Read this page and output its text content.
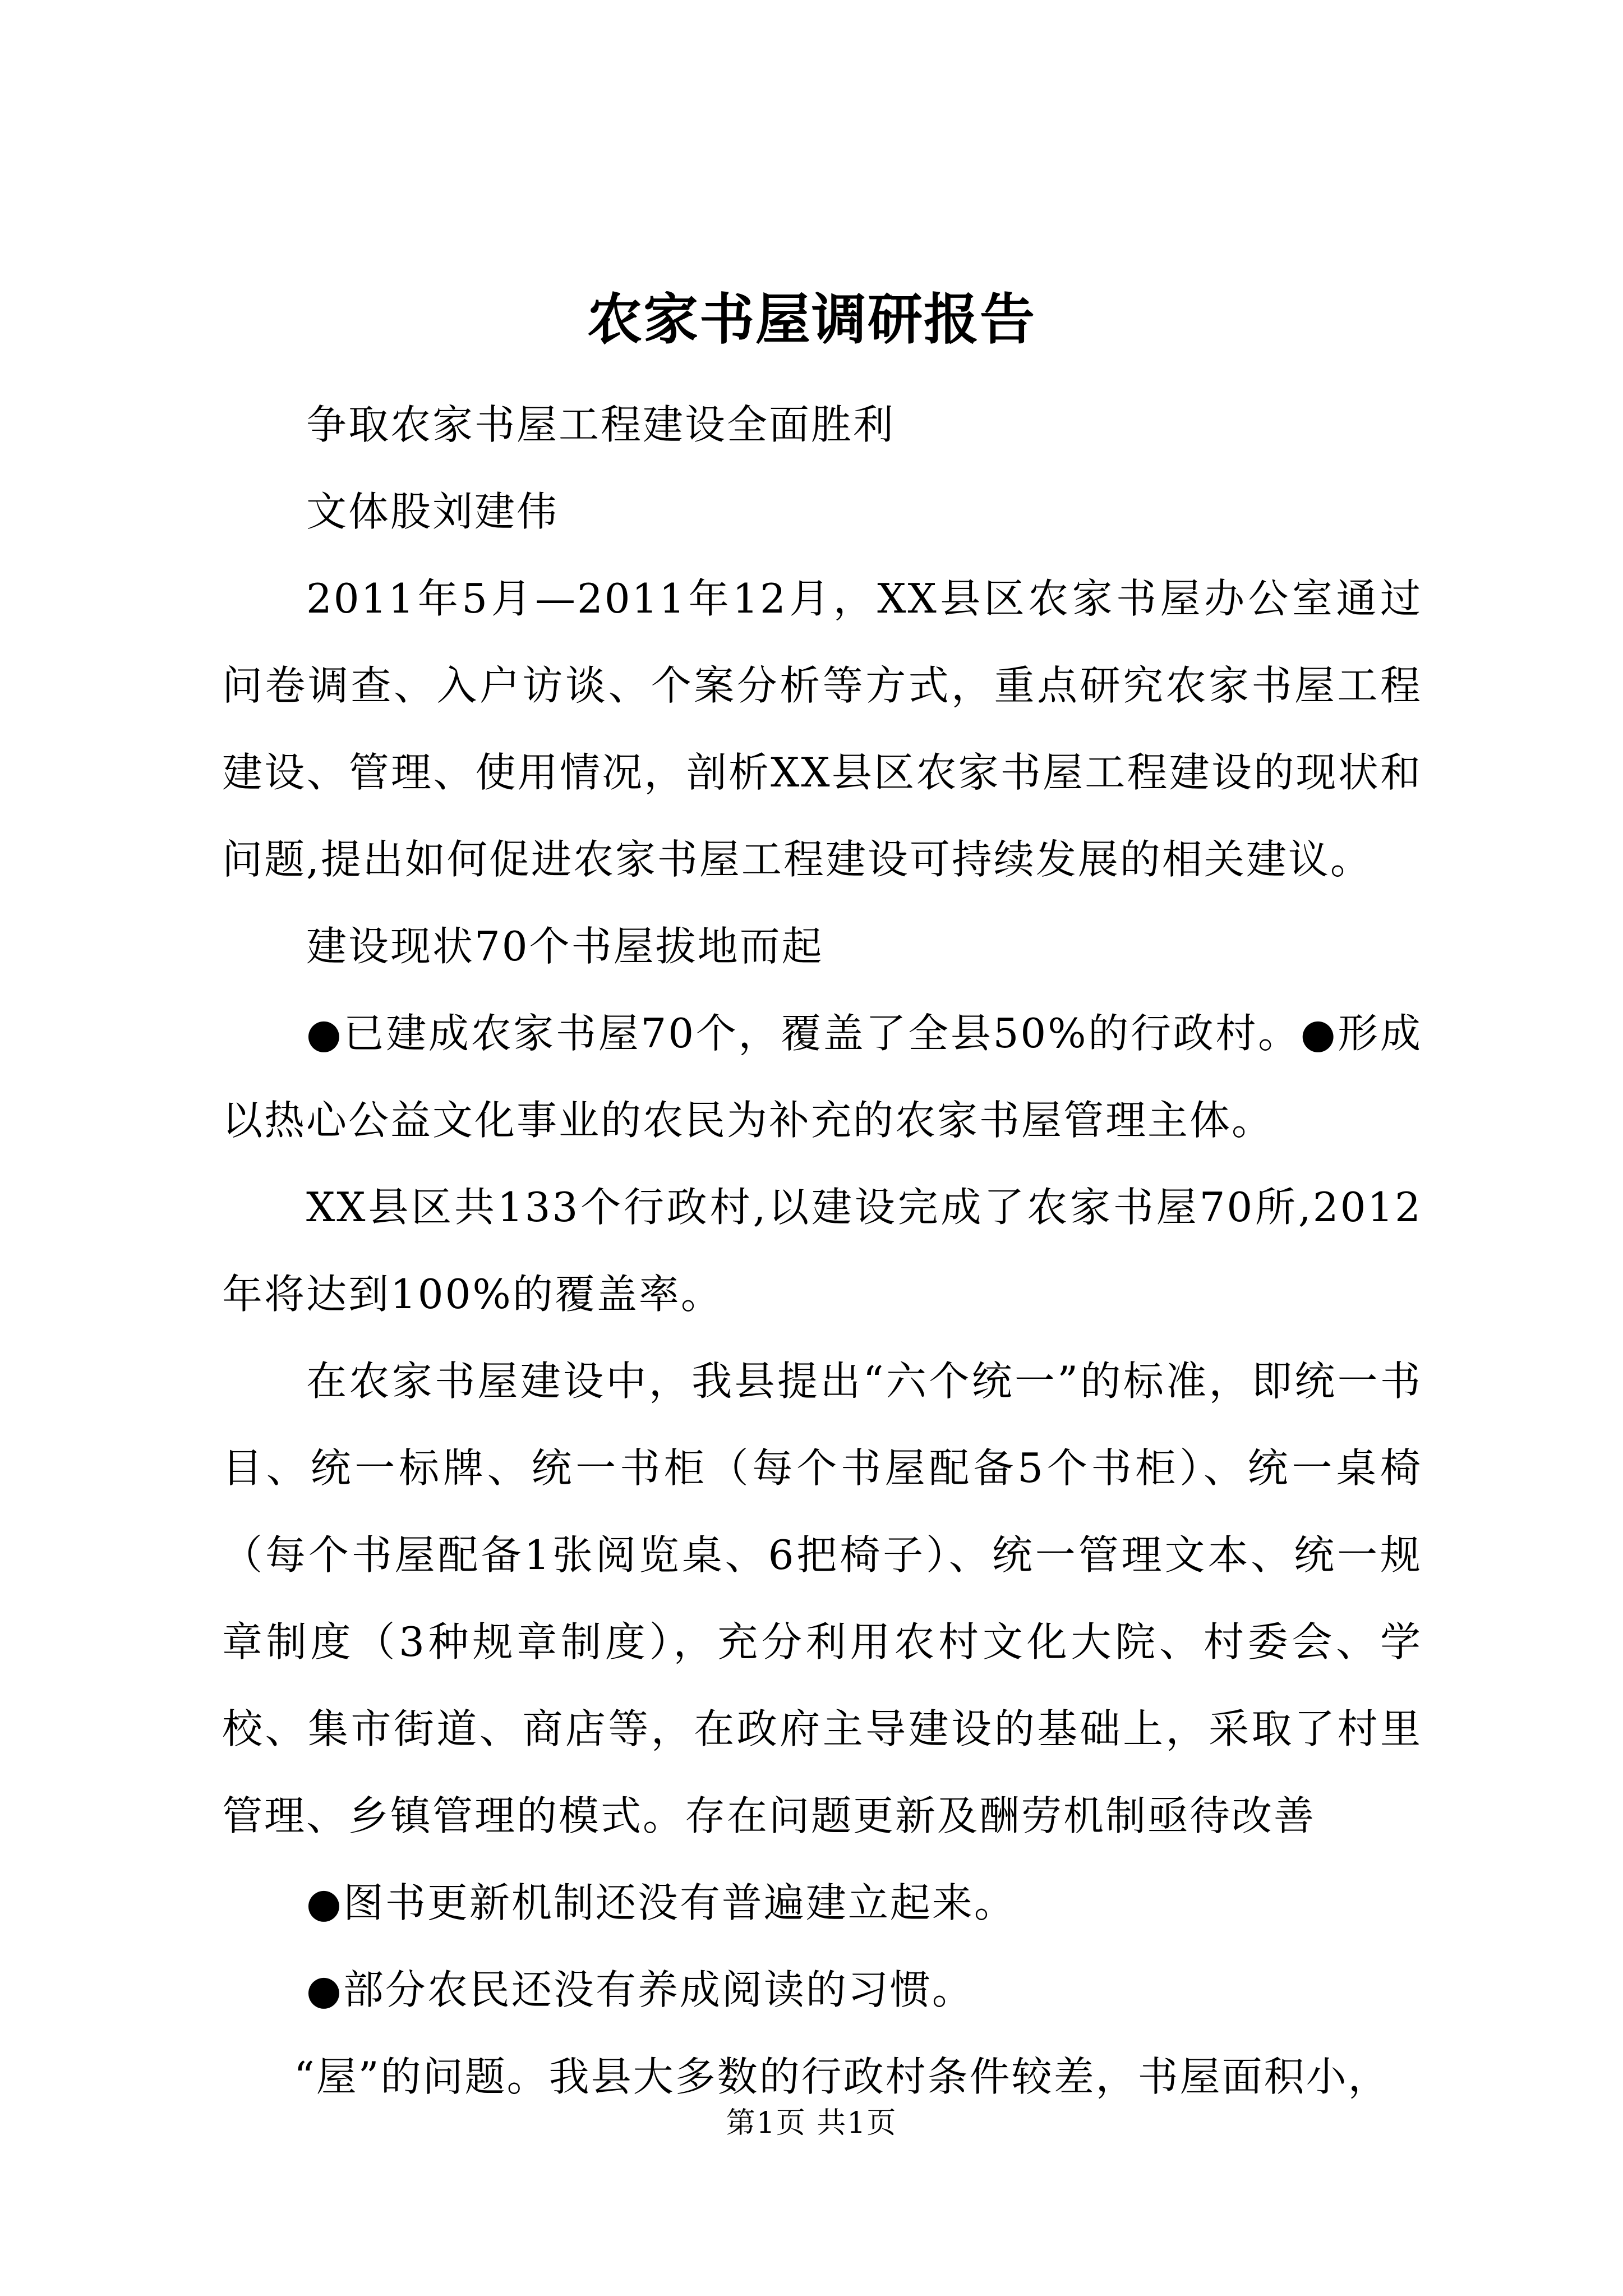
农家书屋调研报告

争取农家书屋工程建设全面胜利

文体股刘建伟

2011年5月—2011年12月，XX县区农家书屋办公室通过问卷调查、入户访谈、个案分析等方式，重点研究农家书屋工程建设、管理、使用情况，剖析XX县区农家书屋工程建设的现状和问题,提出如何促进农家书屋工程建设可持续发展的相关建议。

建设现状70个书屋拔地而起

●已建成农家书屋70个，覆盖了全县50%的行政村。●形成以热心公益文化事业的农民为补充的农家书屋管理主体。

XX县区共133个行政村,以建设完成了农家书屋70所,2012年将达到100%的覆盖率。

在农家书屋建设中，我县提出“六个统一”的标准，即统一书目、统一标牌、统一书柜（每个书屋配备5个书柜）、统一桌椅（每个书屋配备1张阅览桌、6把椅子）、统一管理文本、统一规章制度（3种规章制度），充分利用农村文化大院、村委会、学校、集市街道、商店等，在政府主导建设的基础上，采取了村里管理、乡镇管理的模式。存在问题更新及酬劳机制亟待改善

●图书更新机制还没有普遍建立起来。

●部分农民还没有养成阅读的习惯。

“屋”的问题。我县大多数的行政村条件较差，书屋面积小，

第1页 共1页
